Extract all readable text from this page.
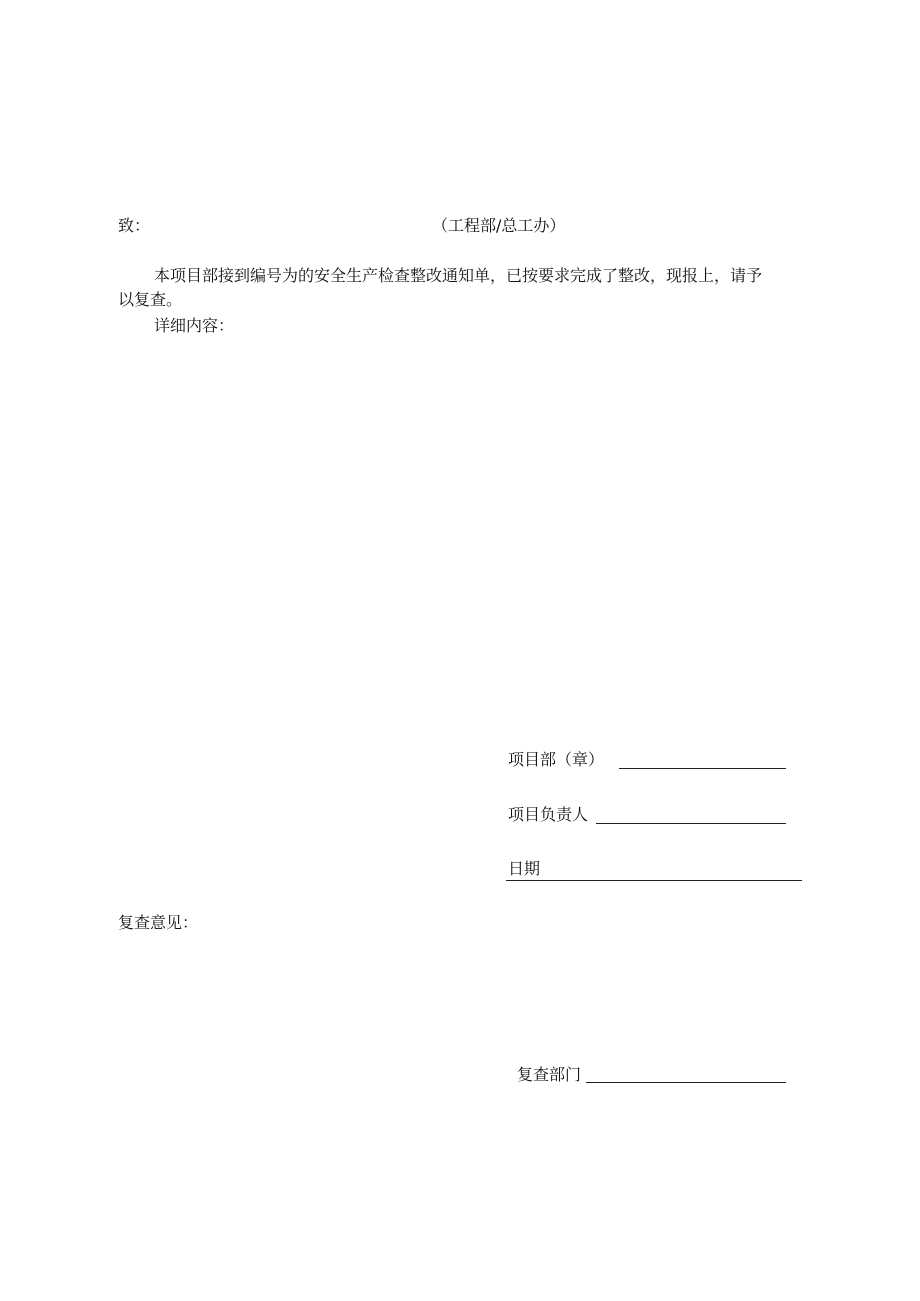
致：	（工程部/总工办）
本项目部接到编号为的安全生产检查整改通知单，已按要求完成了整改，现报上，请予
以复查。
详细内容：
项目部（章）
项目负责人
日期
复查意见：
复查部门
